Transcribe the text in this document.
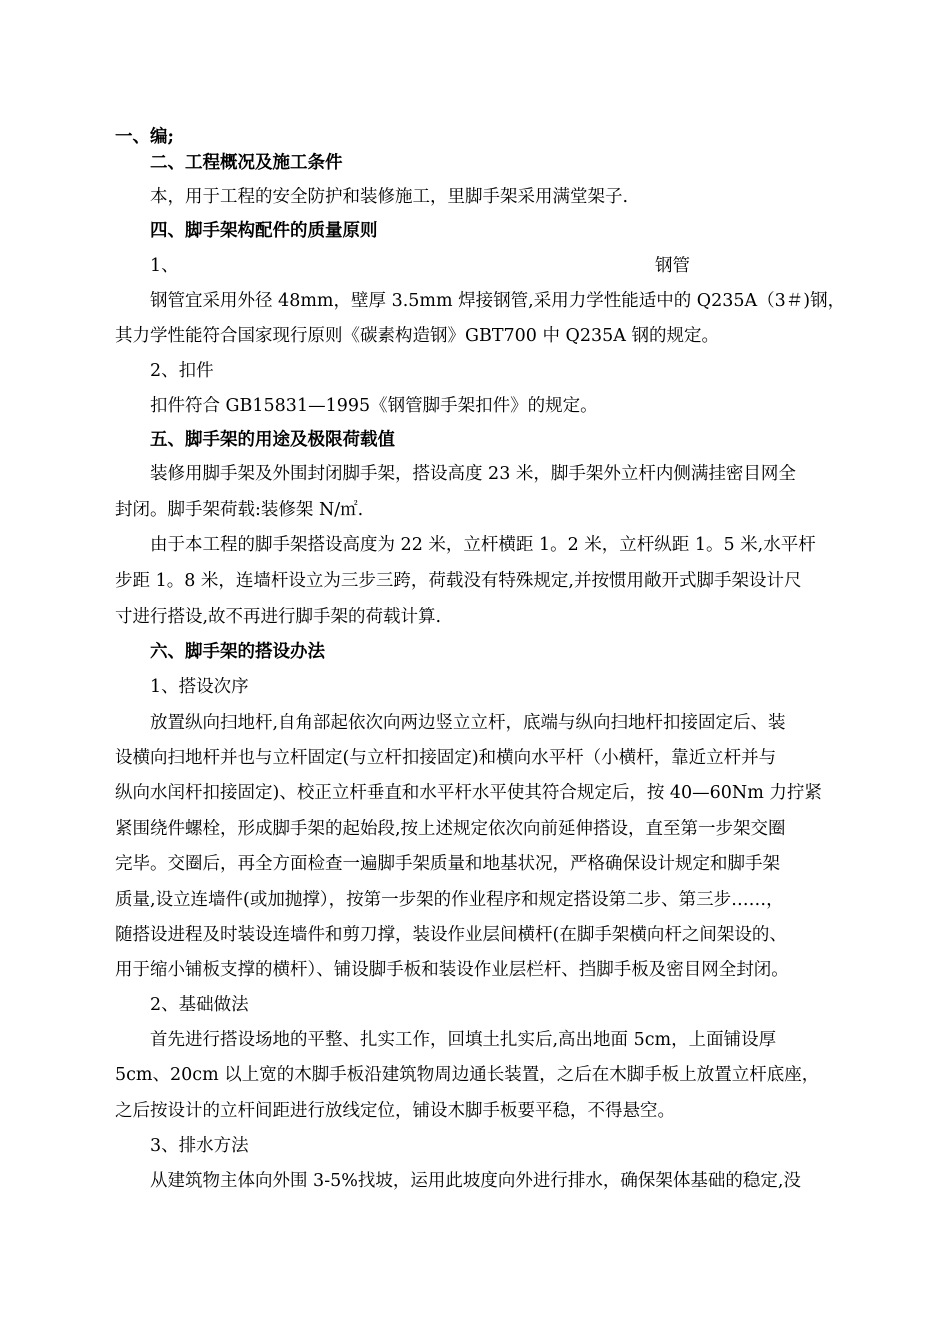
一、编;
二、工程概况及施工条件
本，用于工程的安全防护和装修施工，里脚手架采用满堂架子.
四、脚手架构配件的质量原则
1、	钢管
钢管宜采用外径 48mm，壁厚 3.5mm 焊接钢管,采用力学性能适中的 Q235A（3＃)钢，
其力学性能符合国家现行原则《碳素构造钢》GBT700 中 Q235A 钢的规定。
2、扣件
扣件符合 GB15831—1995《钢管脚手架扣件》的规定。
五、脚手架的用途及极限荷载值
装修用脚手架及外围封闭脚手架，搭设高度 23 米，脚手架外立杆内侧满挂密目网全
封闭。脚手架荷载:装修架 N/㎡.
由于本工程的脚手架搭设高度为 22 米，立杆横距 1。2 米，立杆纵距 1。5 米,水平杆
步距 1。8 米，连墙杆设立为三步三跨，荷载没有特殊规定,并按惯用敞开式脚手架设计尺
寸进行搭设,故不再进行脚手架的荷载计算.
六、脚手架的搭设办法
1、搭设次序
放置纵向扫地杆,自角部起依次向两边竖立立杆，底端与纵向扫地杆扣接固定后、装
设横向扫地杆并也与立杆固定(与立杆扣接固定)和横向水平杆（小横杆，靠近立杆并与
纵向水闰杆扣接固定)、校正立杆垂直和水平杆水平使其符合规定后，按 40—60Nm 力拧紧
紧围绕件螺栓，形成脚手架的起始段,按上述规定依次向前延伸搭设，直至第一步架交圈
完毕。交圈后，再全方面检查一遍脚手架质量和地基状况，严格确保设计规定和脚手架
质量,设立连墙件(或加抛撑），按第一步架的作业程序和规定搭设第二步、第三步……，
随搭设进程及时装设连墙件和剪刀撑，装设作业层间横杆(在脚手架横向杆之间架设的、
用于缩小铺板支撑的横杆）、铺设脚手板和装设作业层栏杆、挡脚手板及密目网全封闭。
2、基础做法
首先进行搭设场地的平整、扎实工作，回填土扎实后,高出地面 5cm，上面铺设厚
5cm、20cm 以上宽的木脚手板沿建筑物周边通长装置，之后在木脚手板上放置立杆底座，
之后按设计的立杆间距进行放线定位，铺设木脚手板要平稳，不得悬空。
3、排水方法
从建筑物主体向外围 3-5%找坡，运用此坡度向外进行排水，确保架体基础的稳定,没
